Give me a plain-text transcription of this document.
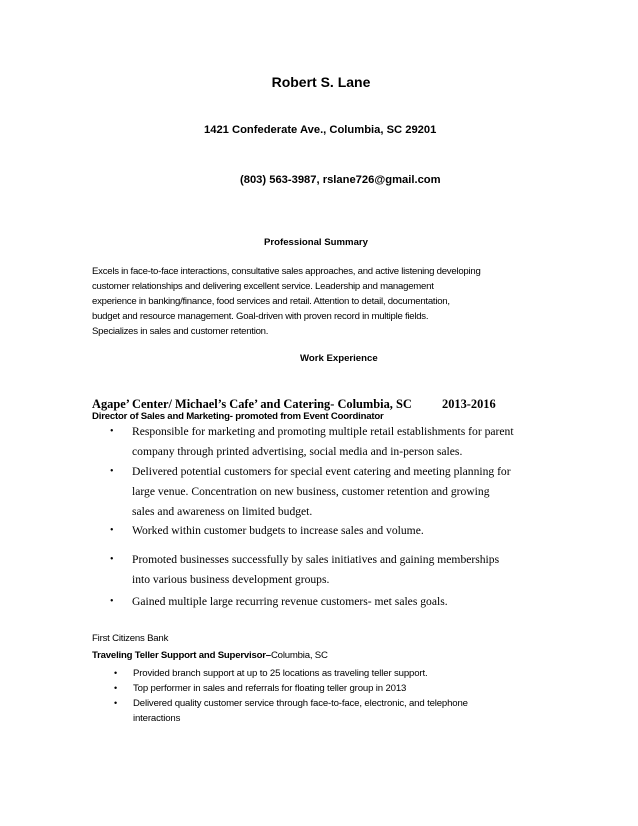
Robert S. Lane
1421 Confederate Ave., Columbia, SC 29201
(803) 563-3987, rslane726@gmail.com
Professional Summary
Excels in face-to-face interactions, consultative sales approaches, and active listening developing
customer relationships and delivering excellent service. Leadership and management
experience in banking/finance, food services and retail. Attention to detail, documentation,
budget and resource management. Goal-driven with proven record in multiple fields.
Specializes in sales and customer retention.
Work Experience
Agape’ Center/ Michael’s Cafe’ and Catering- Columbia, SC 2013-2016
Director of Sales and Marketing- promoted from Event Coordinator
• Responsible for marketing and promoting multiple retail establishments for parent
company through printed advertising, social media and in-person sales.
• Delivered potential customers for special event catering and meeting planning for
large venue. Concentration on new business, customer retention and growing
sales and awareness on limited budget.
• Worked within customer budgets to increase sales and volume.
• Promoted businesses successfully by sales initiatives and gaining memberships
into various business development groups.
• Gained multiple large recurring revenue customers- met sales goals.
First Citizens Bank
Traveling Teller Support and Supervisor–Columbia, SC
• Provided branch support at up to 25 locations as traveling teller support.
• Top performer in sales and referrals for floating teller group in 2013
• Delivered quality customer service through face-to-face, electronic, and telephone
interactions
